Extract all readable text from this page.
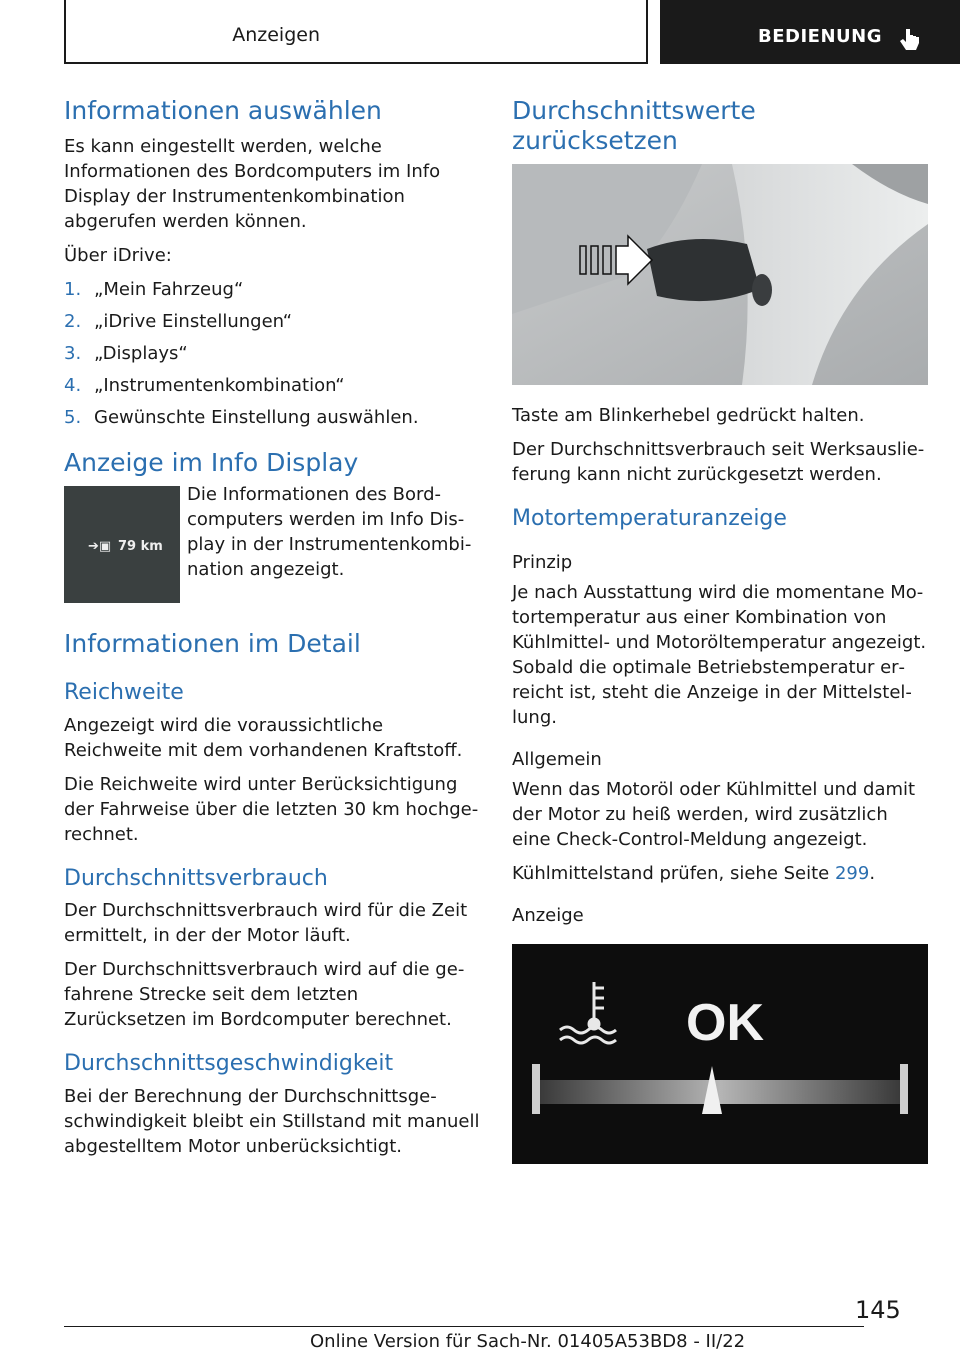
Anzeigen	BEDIENUNG
Informationen auswählen

Es kann eingestellt werden, welche Informationen des Bordcomputers im Info Display der Instrumentenkombination abgerufen werden können.

Über iDrive:

1. „Mein Fahrzeug“
2. „iDrive Einstellungen“
3. „Displays“
4. „Instrumentenkombination“
5. Gewünschte Einstellung auswählen.
Anzeige im Info Display
➔▣ 79 km
Die Informationen des Bordcomputers werden im Info Display in der Instrumentenkombination angezeigt.
Informationen im Detail
Reichweite

Angezeigt wird die voraussichtliche Reichweite mit dem vorhandenen Kraftstoff.

Die Reichweite wird unter Berücksichtigung der Fahrweise über die letzten 30 km hochgerechnet.

Durchschnittsverbrauch

Der Durchschnittsverbrauch wird für die Zeit ermittelt, in der der Motor läuft.

Der Durchschnittsverbrauch wird auf die gefahrene Strecke seit dem letzten Zurücksetzen im Bordcomputer berechnet.

Durchschnittsgeschwindigkeit

Bei der Berechnung der Durchschnittsgeschwindigkeit bleibt ein Stillstand mit manuell abgestelltem Motor unberücksichtigt.

Durchschnittswerte zurücksetzen

Taste am Blinkerhebel gedrückt halten.

Der Durchschnittsverbrauch seit Werksauslieferung kann nicht zurückgesetzt werden.

Motortemperaturanzeige
Prinzip

Je nach Ausstattung wird die momentane Motortemperatur aus einer Kombination von Kühlmittel- und Motoröltemperatur angezeigt. Sobald die optimale Betriebstemperatur erreicht ist, steht die Anzeige in der Mittelstellung.

Allgemein

Wenn das Motoröl oder Kühlmittel und damit der Motor zu heiß werden, wird zusätzlich eine Check-Control-Meldung angezeigt.

Kühlmittelstand prüfen, siehe Seite 299.

Anzeige
OK
145
Online Version für Sach-Nr. 01405A53BD8 - II/22
